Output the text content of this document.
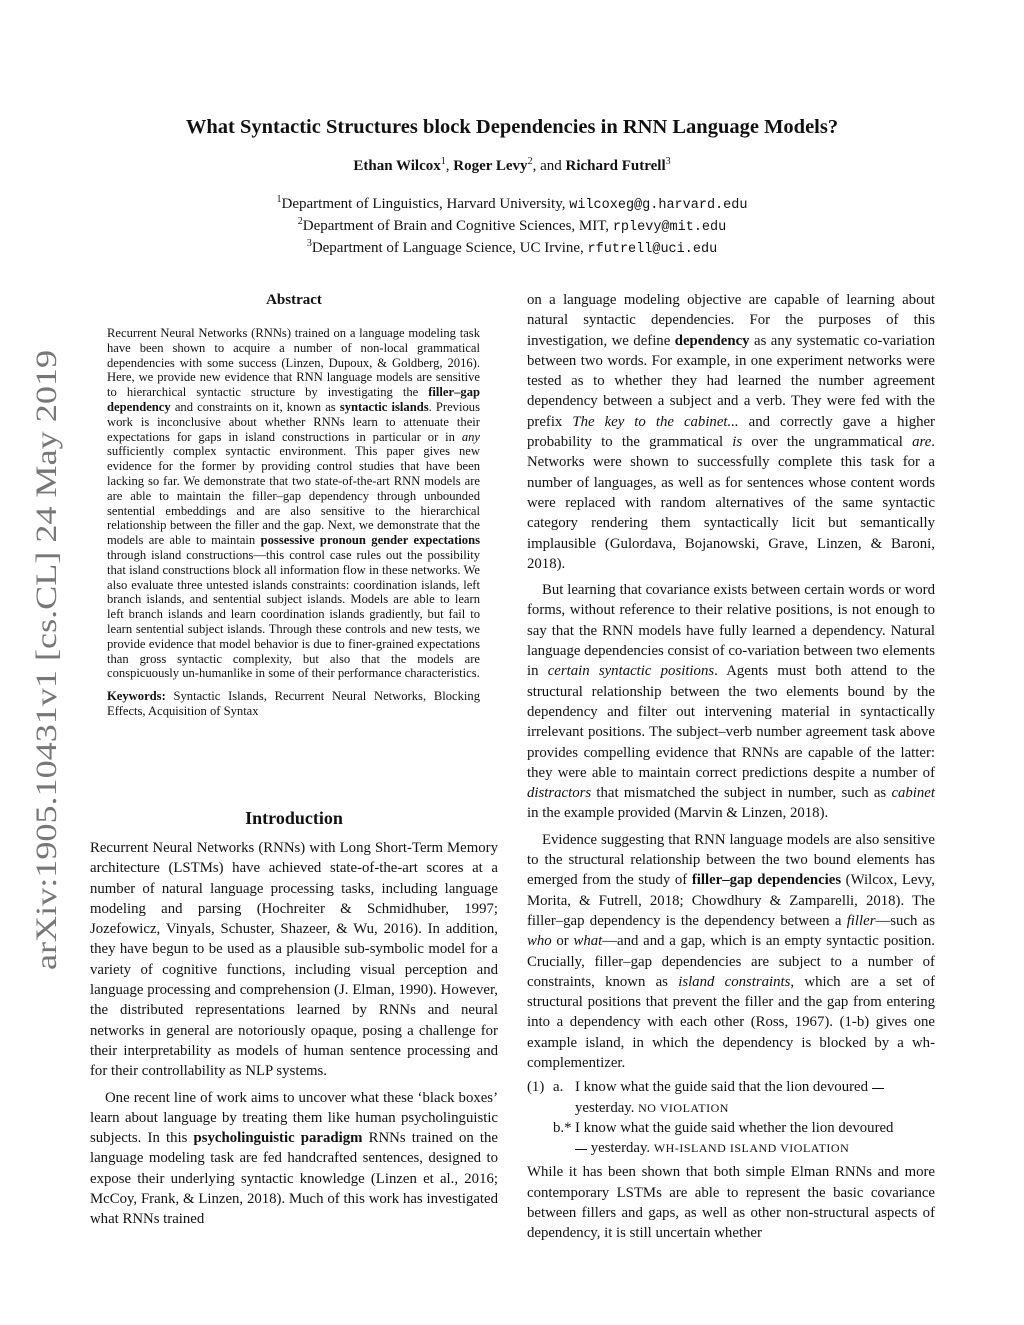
arXiv:1905.10431v1 [cs.CL] 24 May 2019
What Syntactic Structures block Dependencies in RNN Language Models?
Ethan Wilcox$^1$, Roger Levy$^2$, and Richard Futrell$^3$
$^1$Department of Linguistics, Harvard University, wilcoxeg@g.harvard.edu
$^2$Department of Brain and Cognitive Sciences, MIT, rplevy@mit.edu
$^3$Department of Language Science, UC Irvine, rfutrell@uci.edu
Abstract

Recurrent Neural Networks (RNNs) trained on a language modeling task have been shown to acquire a number of non-local grammatical dependencies with some success (Linzen, Dupoux, & Goldberg, 2016). Here, we provide new evidence that RNN language models are sensitive to hierarchical syntactic structure by investigating the filler–gap dependency and constraints on it, known as syntactic islands. Previous work is inconclusive about whether RNNs learn to attenuate their expectations for gaps in island constructions in particular or in any sufficiently complex syntactic environment. This paper gives new evidence for the former by providing control studies that have been lacking so far. We demonstrate that two state-of-the-art RNN models are are able to maintain the filler–gap dependency through unbounded sentential embeddings and are also sensitive to the hierarchical relationship between the filler and the gap. Next, we demonstrate that the models are able to maintain possessive pronoun gender expectations through island constructions—this control case rules out the possibility that island constructions block all information flow in these networks. We also evaluate three untested islands constraints: coordination islands, left branch islands, and sentential subject islands. Models are able to learn left branch islands and learn coordination islands gradiently, but fail to learn sentential subject islands. Through these controls and new tests, we provide evidence that model behavior is due to finer-grained expectations than gross syntactic complexity, but also that the models are conspicuously un-humanlike in some of their performance characteristics.

Keywords: Syntactic Islands, Recurrent Neural Networks, Blocking Effects, Acquisition of Syntax

Introduction

Recurrent Neural Networks (RNNs) with Long Short-Term Memory architecture (LSTMs) have achieved state-of-the-art scores at a number of natural language processing tasks, including language modeling and parsing (Hochreiter & Schmidhuber, 1997; Jozefowicz, Vinyals, Schuster, Shazeer, & Wu, 2016). In addition, they have begun to be used as a plausible sub-symbolic model for a variety of cognitive functions, including visual perception and language processing and comprehension (J. Elman, 1990). However, the distributed representations learned by RNNs and neural networks in general are notoriously opaque, posing a challenge for their interpretability as models of human sentence processing and for their controllability as NLP systems.

One recent line of work aims to uncover what these ‘black boxes’ learn about language by treating them like human psycholinguistic subjects. In this psycholinguistic paradigm RNNs trained on the language modeling task are fed handcrafted sentences, designed to expose their underlying syntactic knowledge (Linzen et al., 2016; McCoy, Frank, & Linzen, 2018). Much of this work has investigated what RNNs trained

on a language modeling objective are capable of learning about natural syntactic dependencies. For the purposes of this investigation, we define dependency as any systematic co-variation between two words. For example, in one experiment networks were tested as to whether they had learned the number agreement dependency between a subject and a verb. They were fed with the prefix The key to the cabinet... and correctly gave a higher probability to the grammatical is over the ungrammatical are. Networks were shown to successfully complete this task for a number of languages, as well as for sentences whose content words were replaced with random alternatives of the same syntactic category rendering them syntactically licit but semantically implausible (Gulordava, Bojanowski, Grave, Linzen, & Baroni, 2018).

But learning that covariance exists between certain words or word forms, without reference to their relative positions, is not enough to say that the RNN models have fully learned a dependency. Natural language dependencies consist of co-variation between two elements in certain syntactic positions. Agents must both attend to the structural relationship between the two elements bound by the dependency and filter out intervening material in syntactically irrelevant positions. The subject–verb number agreement task above provides compelling evidence that RNNs are capable of the latter: they were able to maintain correct predictions despite a number of distractors that mismatched the subject in number, such as cabinet in the example provided (Marvin & Linzen, 2018).

Evidence suggesting that RNN language models are also sensitive to the structural relationship between the two bound elements has emerged from the study of filler–gap dependencies (Wilcox, Levy, Morita, & Futrell, 2018; Chowdhury & Zamparelli, 2018). The filler–gap dependency is the dependency between a filler—such as who or what—and and a gap, which is an empty syntactic position. Crucially, filler–gap dependencies are subject to a number of constraints, known as island constraints, which are a set of structural positions that prevent the filler and the gap from entering into a dependency with each other (Ross, 1967). (1-b) gives one example island, in which the dependency is blocked by a wh-complementizer.

(1) a. I know what the guide said that the lion devoured
yesterday. NO VIOLATION
b.* I know what the guide said whether the lion devoured
yesterday. WH-ISLAND ISLAND VIOLATION

While it has been shown that both simple Elman RNNs and more contemporary LSTMs are able to represent the basic covariance between fillers and gaps, as well as other non-structural aspects of dependency, it is still uncertain whether
